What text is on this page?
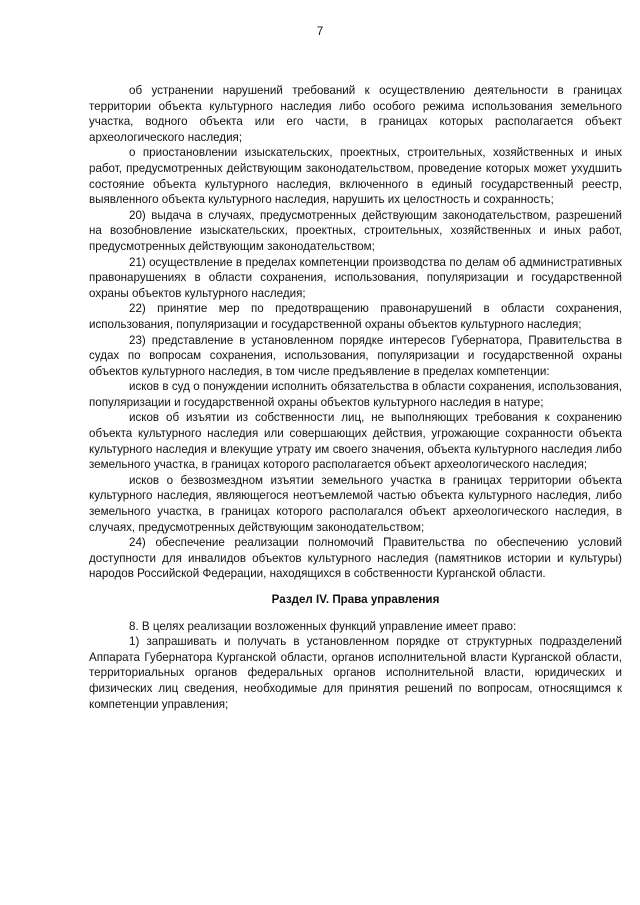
7

об устранении нарушений требований к осуществлению деятельности в границах территории объекта культурного наследия либо особого режима использования земельного участка, водного объекта или его части, в границах которых располагается объект археологического наследия;

о приостановлении изыскательских, проектных, строительных, хозяйственных и иных работ, предусмотренных действующим законодательством, проведение которых может ухудшить состояние объекта культурного наследия, включенного в единый государственный реестр, выявленного объекта культурного наследия, нарушить их целостность и сохранность;

20) выдача в случаях, предусмотренных действующим законодательством, разрешений на возобновление изыскательских, проектных, строительных, хозяйственных и иных работ, предусмотренных действующим законодательством;

21) осуществление в пределах компетенции производства по делам об административных правонарушениях в области сохранения, использования, популяризации и государственной охраны объектов культурного наследия;

22) принятие мер по предотвращению правонарушений в области сохранения, использования, популяризации и государственной охраны объектов культурного наследия;

23) представление в установленном порядке интересов Губернатора, Правительства в судах по вопросам сохранения, использования, популяризации и государственной охраны объектов культурного наследия, в том числе предъявление в пределах компетенции:

исков в суд о понуждении исполнить обязательства в области сохранения, использования, популяризации и государственной охраны объектов культурного наследия в натуре;

исков об изъятии из собственности лиц, не выполняющих требования к сохранению объекта культурного наследия или совершающих действия, угрожающие сохранности объекта культурного наследия и влекущие утрату им своего значения, объекта культурного наследия либо земельного участка, в границах которого располагается объект археологического наследия;

исков о безвозмездном изъятии земельного участка в границах территории объекта культурного наследия, являющегося неотъемлемой частью объекта культурного наследия, либо земельного участка, в границах которого располагался объект археологического наследия, в случаях, предусмотренных действующим законодательством;

24) обеспечение реализации полномочий Правительства по обеспечению условий доступности для инвалидов объектов культурного наследия (памятников истории и культуры) народов Российской Федерации, находящихся в собственности Курганской области.

Раздел IV. Права управления

8. В целях реализации возложенных функций управление имеет право:

1) запрашивать и получать в установленном порядке от структурных подразделений Аппарата Губернатора Курганской области, органов исполнительной власти Курганской области, территориальных органов федеральных органов исполнительной власти, юридических и физических лиц сведения, необходимые для принятия решений по вопросам, относящимся к компетенции управления;
